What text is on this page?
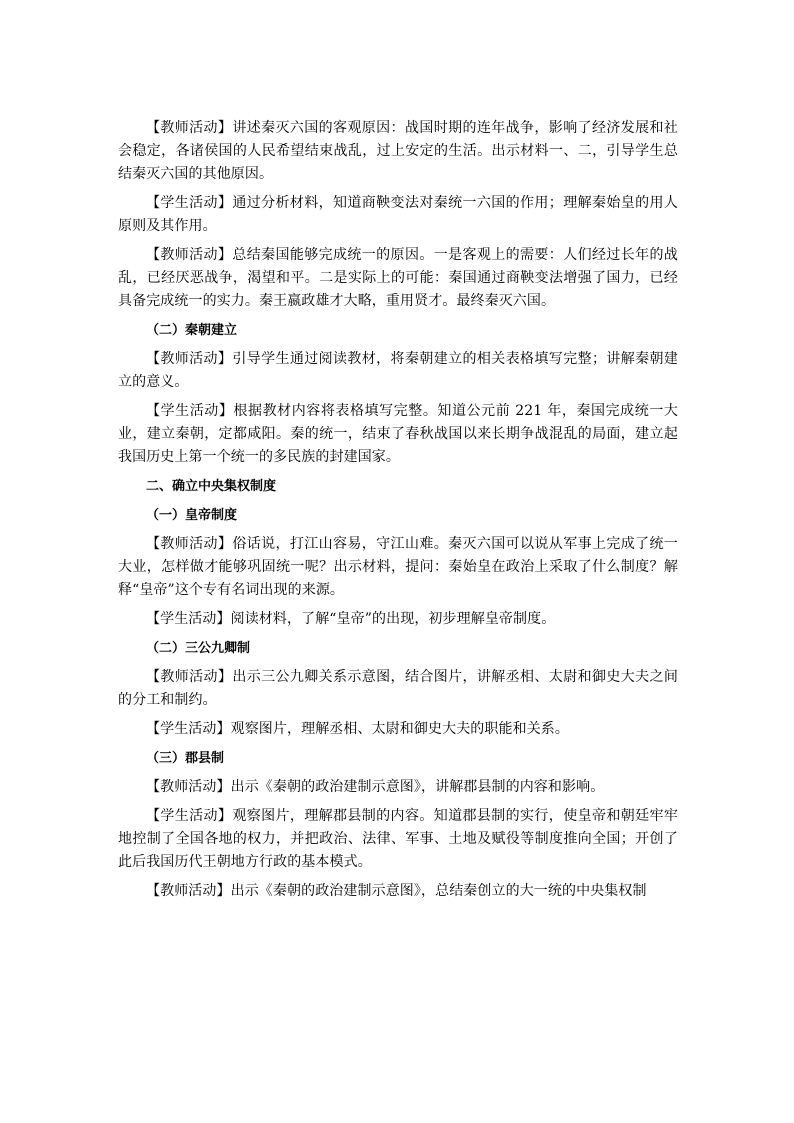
【教师活动】讲述秦灭六国的客观原因：战国时期的连年战争，影响了经济发展和社会稳定，各诸侯国的人民希望结束战乱，过上安定的生活。出示材料一、二，引导学生总结秦灭六国的其他原因。

【学生活动】通过分析材料，知道商鞅变法对秦统一六国的作用；理解秦始皇的用人原则及其作用。

【教师活动】总结秦国能够完成统一的原因。一是客观上的需要：人们经过长年的战乱，已经厌恶战争，渴望和平。二是实际上的可能：秦国通过商鞅变法增强了国力，已经具备完成统一的实力。秦王嬴政雄才大略，重用贤才。最终秦灭六国。

（二）秦朝建立

【教师活动】引导学生通过阅读教材，将秦朝建立的相关表格填写完整；讲解秦朝建立的意义。

【学生活动】根据教材内容将表格填写完整。知道公元前 221 年，秦国完成统一大业，建立秦朝，定都咸阳。秦的统一，结束了春秋战国以来长期争战混乱的局面，建立起我国历史上第一个统一的多民族的封建国家。

二、确立中央集权制度

（一）皇帝制度

【教师活动】俗话说，打江山容易，守江山难。秦灭六国可以说从军事上完成了统一大业，怎样做才能够巩固统一呢？出示材料，提问：秦始皇在政治上采取了什么制度？解释“皇帝”这个专有名词出现的来源。

【学生活动】阅读材料，了解“皇帝”的出现，初步理解皇帝制度。

（二）三公九卿制

【教师活动】出示三公九卿关系示意图，结合图片，讲解丞相、太尉和御史大夫之间的分工和制约。

【学生活动】观察图片，理解丞相、太尉和御史大夫的职能和关系。

（三）郡县制

【教师活动】出示《秦朝的政治建制示意图》，讲解郡县制的内容和影响。

【学生活动】观察图片，理解郡县制的内容。知道郡县制的实行，使皇帝和朝廷牢牢地控制了全国各地的权力，并把政治、法律、军事、土地及赋役等制度推向全国；开创了此后我国历代王朝地方行政的基本模式。

【教师活动】出示《秦朝的政治建制示意图》，总结秦创立的大一统的中央集权制
